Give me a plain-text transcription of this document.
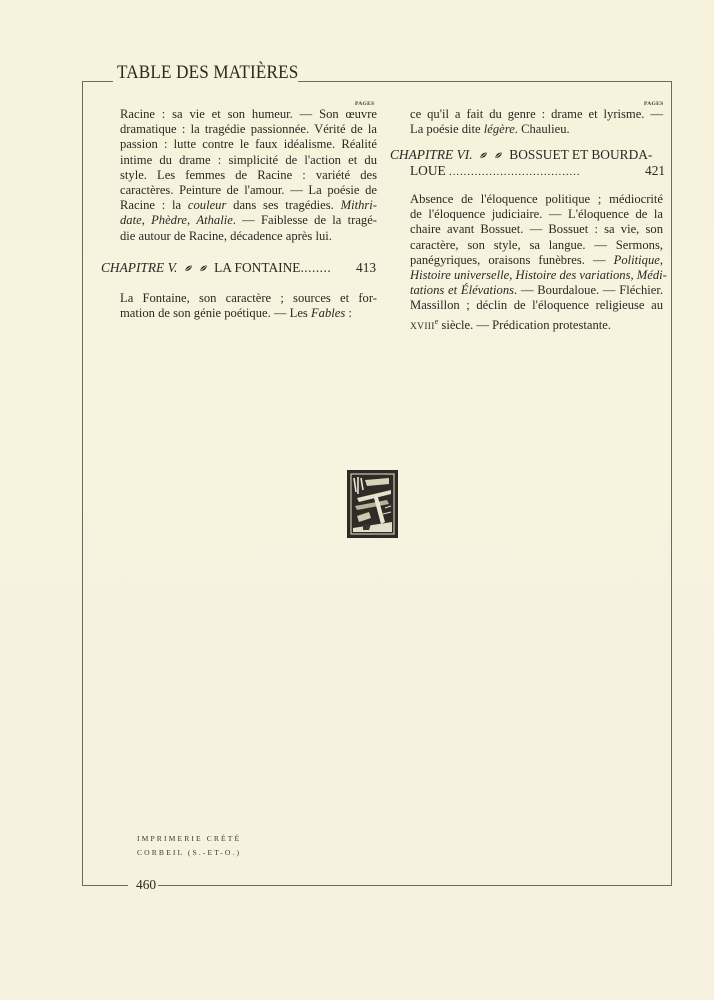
TABLE DES MATIÈRES
PAGES	PAGES
Racine : sa vie et son humeur. — Son œuvre
dramatique : la tragédie passionnée. Vérité de la
passion : lutte contre le faux idéalisme. Réalité
intime du drame : simplicité de l'action et du
style. Les femmes de Racine : variété des
caractères. Peinture de l'amour. — La poésie de
Racine : la couleur dans ses tragédies. Mithri-
date, Phèdre, Athalie. — Faiblesse de la tragé-
die autour de Racine, décadence après lui.
CHAPITRE V.	LA FONTAINE........ 413
La Fontaine, son caractère ; sources et for-
mation de son génie poétique. — Les Fables :
ce qu'il a fait du genre : drame et lyrisme. —
La poésie dite légère. Chaulieu.
CHAPITRE VI.	BOSSUET ET BOURDA-
LOUE ....................................	421
Absence de l'éloquence politique ; médiocrité
de l'éloquence judiciaire. — L'éloquence de la
chaire avant Bossuet. — Bossuet : sa vie, son
caractère, son style, sa langue. — Sermons,
panégyriques, oraisons funèbres. — Politique,
Histoire universelle, Histoire des variations, Médi-
tations et Élévations. — Bourdaloue. — Fléchier.
Massillon ; déclin de l'éloquence religieuse au
XVIIIe siècle. — Prédication protestante.
IMPRIMERIE CRÉTÉ
CORBEIL (S.-ET-O.)
460
